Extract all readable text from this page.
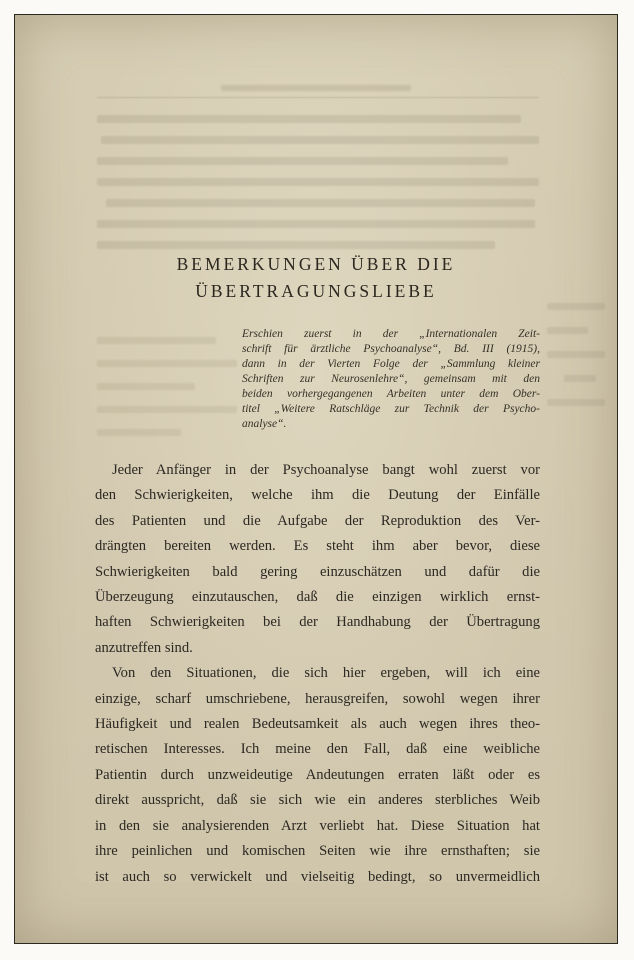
BEMERKUNGEN ÜBER DIE
ÜBERTRAGUNGSLIEBE
Erschien zuerst in der „Internationalen Zeit-
schrift für ärztliche Psychoanalyse“, Bd. III (1915),
dann in der Vierten Folge der „Sammlung kleiner
Schriften zur Neurosenlehre“, gemeinsam mit den
beiden vorhergegangenen Arbeiten unter dem Ober-
titel „Weitere Ratschläge zur Technik der Psycho-
analyse“.
Jeder Anfänger in der Psychoanalyse bangt wohl zuerst vor
den Schwierigkeiten, welche ihm die Deutung der Einfälle
des Patienten und die Aufgabe der Reproduktion des Ver-
drängten bereiten werden. Es steht ihm aber bevor, diese
Schwierigkeiten bald gering einzuschätzen und dafür die
Überzeugung einzutauschen, daß die einzigen wirklich ernst-
haften Schwierigkeiten bei der Handhabung der Übertragung
anzutreffen sind.
Von den Situationen, die sich hier ergeben, will ich eine
einzige, scharf umschriebene, herausgreifen, sowohl wegen ihrer
Häufigkeit und realen Bedeutsamkeit als auch wegen ihres theo-
retischen Interesses. Ich meine den Fall, daß eine weibliche
Patientin durch unzweideutige Andeutungen erraten läßt oder es
direkt ausspricht, daß sie sich wie ein anderes sterbliches Weib
in den sie analysierenden Arzt verliebt hat. Diese Situation hat
ihre peinlichen und komischen Seiten wie ihre ernsthaften; sie
ist auch so verwickelt und vielseitig bedingt, so unvermeidlich
